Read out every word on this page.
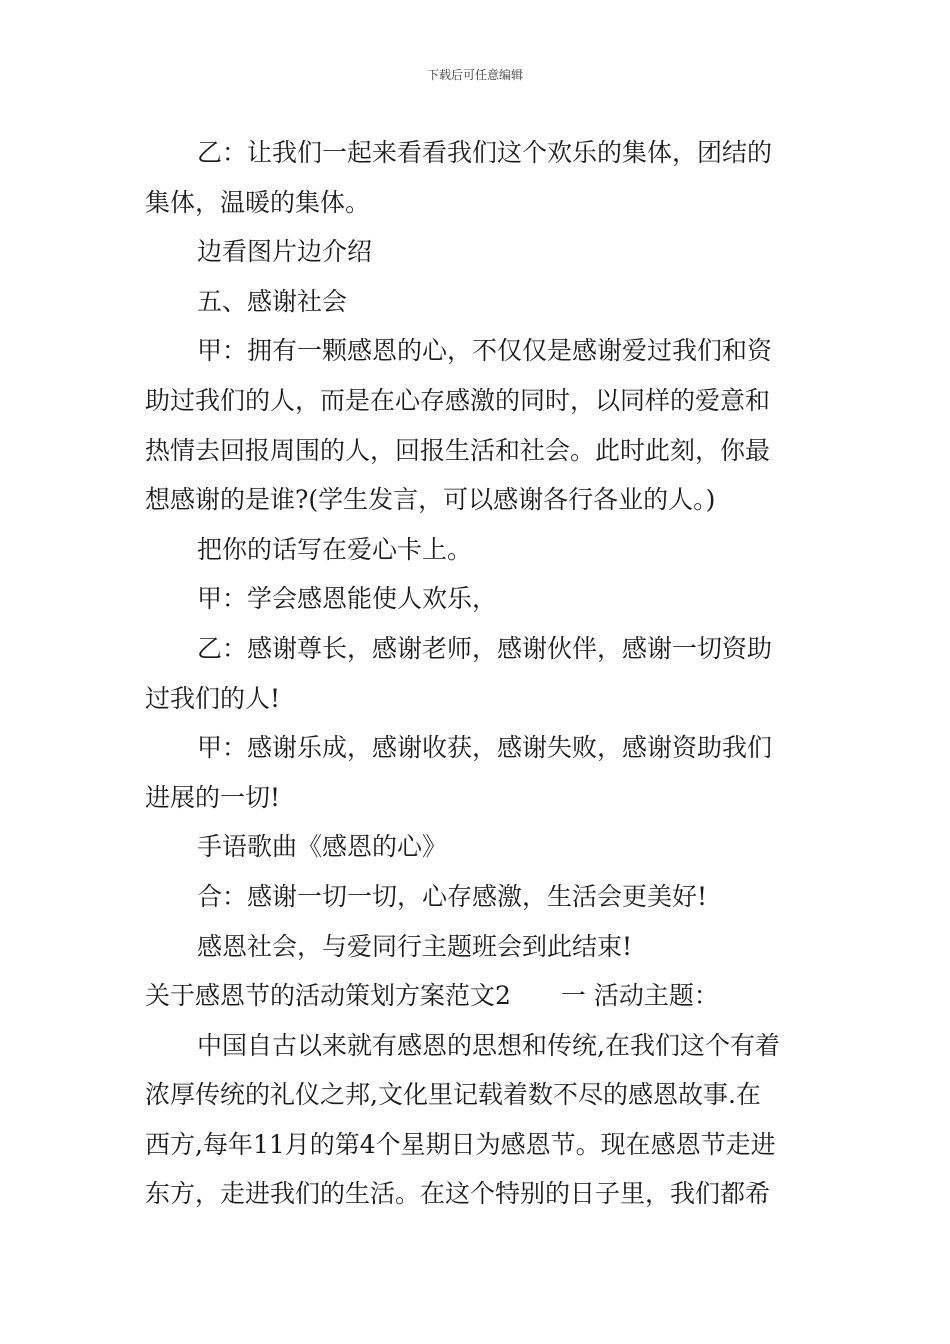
下载后可任意编辑
乙：让我们一起来看看我们这个欢乐的集体，团结的
集体，温暖的集体。
边看图片边介绍
五、感谢社会
甲：拥有一颗感恩的心，不仅仅是感谢爱过我们和资
助过我们的人，而是在心存感激的同时，以同样的爱意和
热情去回报周围的人，回报生活和社会。此时此刻，你最
想感谢的是谁?(学生发言，可以感谢各行各业的人。)
把你的话写在爱心卡上。
甲：学会感恩能使人欢乐，
乙：感谢尊长，感谢老师，感谢伙伴，感谢一切资助
过我们的人!
甲：感谢乐成，感谢收获，感谢失败，感谢资助我们
进展的一切!
手语歌曲《感恩的心》
合：感谢一切一切，心存感激，生活会更美好!
感恩社会，与爱同行主题班会到此结束!
关于感恩节的活动策划方案范文2　　一 活动主题：
中国自古以来就有感恩的思想和传统,在我们这个有着
浓厚传统的礼仪之邦,文化里记载着数不尽的感恩故事.在
西方,每年11月的第4个星期日为感恩节。现在感恩节走进
东方，走进我们的生活。在这个特别的日子里，我们都希
